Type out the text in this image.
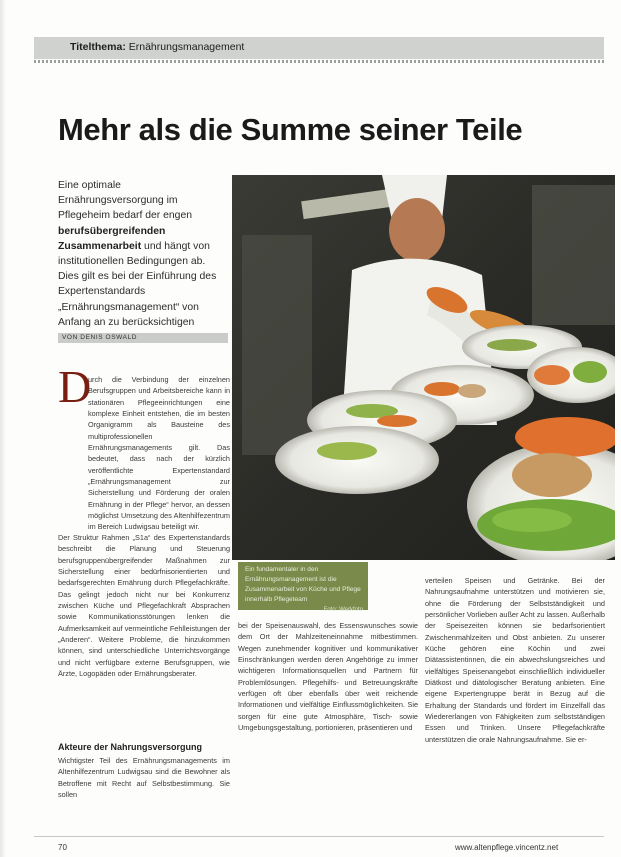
Titelthema: Ernährungsmanagement
Mehr als die Summe seiner Teile
Eine optimale Ernährungsversorgung im Pflegeheim bedarf der engen berufsübergreifenden Zusammenarbeit und hängt von institutionellen Bedingungen ab. Dies gilt es bei der Einführung des Expertenstandards „Ernährungsmanagement“ von Anfang an zu berücksichtigen
VON DENIS OSWALD
Ein fundamentaler in den Ernährungsmanagement ist die Zusammenarbeit von Küche und Pflege innerhalb Pflegeteam
Foto: Werkfoto
D
urch die Verbindung der einzelnen Berufsgruppen und Arbeitsbereiche kann in stationären Pflegeeinrichtungen eine komplexe Einheit entstehen, die im besten Organigramm als Bausteine des multiprofessionellen Ernährungsmanagements gilt. Das bedeutet, dass nach der kürzlich veröffentlichte Expertenstandard „Ernährungsmanagement zur Sicherstellung und Förderung der oralen Ernährung in der Pflege“ hervor, an dessen möglichst Umsetzung des Altenhilfezentrum im Bereich Ludwigsau beteiligt wir.
Der Struktur Rahmen „S1a“ des Expertenstandards beschreibt die Planung und Steuerung berufsgruppenübergreifender Maßnahmen zur Sicherstellung einer bedürfnisorientierten und bedarfsgerechten Ernährung durch Pflegefachkräfte. Das gelingt jedoch nicht nur bei Konkurrenz zwischen Küche und Pflegefachkraft Absprachen sowie Kommunikationsstörungen lenken die Aufmerksamkeit auf vermeintliche Fehlleistungen der „Anderen“. Weitere Probleme, die hinzukommen können, sind unterschiedliche Unterrichtsvorgänge und nicht verfügbare externe Berufsgruppen, wie Ärzte, Logopäden oder Ernährungsberater.
Akteure der Nahrungsversorgung
Wichtigster Teil des Ernährungsmanagements im Altenhilfezentrum Ludwigsau sind die Bewohner als Betroffene mit Recht auf Selbstbestimmung. Sie sollen
bei der Speisenauswahl, des Essenswunsches sowie dem Ort der Mahlzeiteneinnahme mitbestimmen. Wegen zunehmender kognitiver und kommunikativer Einschränkungen werden deren Angehörige zu immer wichtigeren Informationsquellen und Partnern für Problemlösungen. Pflegehilfs- und Betreuungskräfte verfügen oft über ebenfalls über weit reichende Informationen und vielfältige Einflussmöglichkeiten. Sie sorgen für eine gute Atmosphäre, Tisch- sowie Umgebungsgestaltung, portionieren, präsentieren und
verteilen Speisen und Getränke. Bei der Nahrungsaufnahme unterstützen und motivieren sie, ohne die Förderung der Selbstständigkeit und persönlicher Vorlieben außer Acht zu lassen. Außerhalb der Speisezeiten können sie bedarfsorientiert Zwischenmahlzeiten und Obst anbieten. Zu unserer Küche gehören eine Köchin und zwei Diätassistentinnen, die ein abwechslungsreiches und vielfältiges Speisenangebot einschließlich individueller Diätkost und diätologischer Beratung anbieten. Eine eigene Expertengruppe berät in Bezug auf die Erhaltung der Standards und fördert im Einzelfall das Wiedererlangen von Fähigkeiten zum selbstständigen Essen und Trinken. Unsere Pflegefachkräfte unterstützen die orale Nahrungsaufnahme. Sie er-
70	www.altenpflege.vincentz.net
